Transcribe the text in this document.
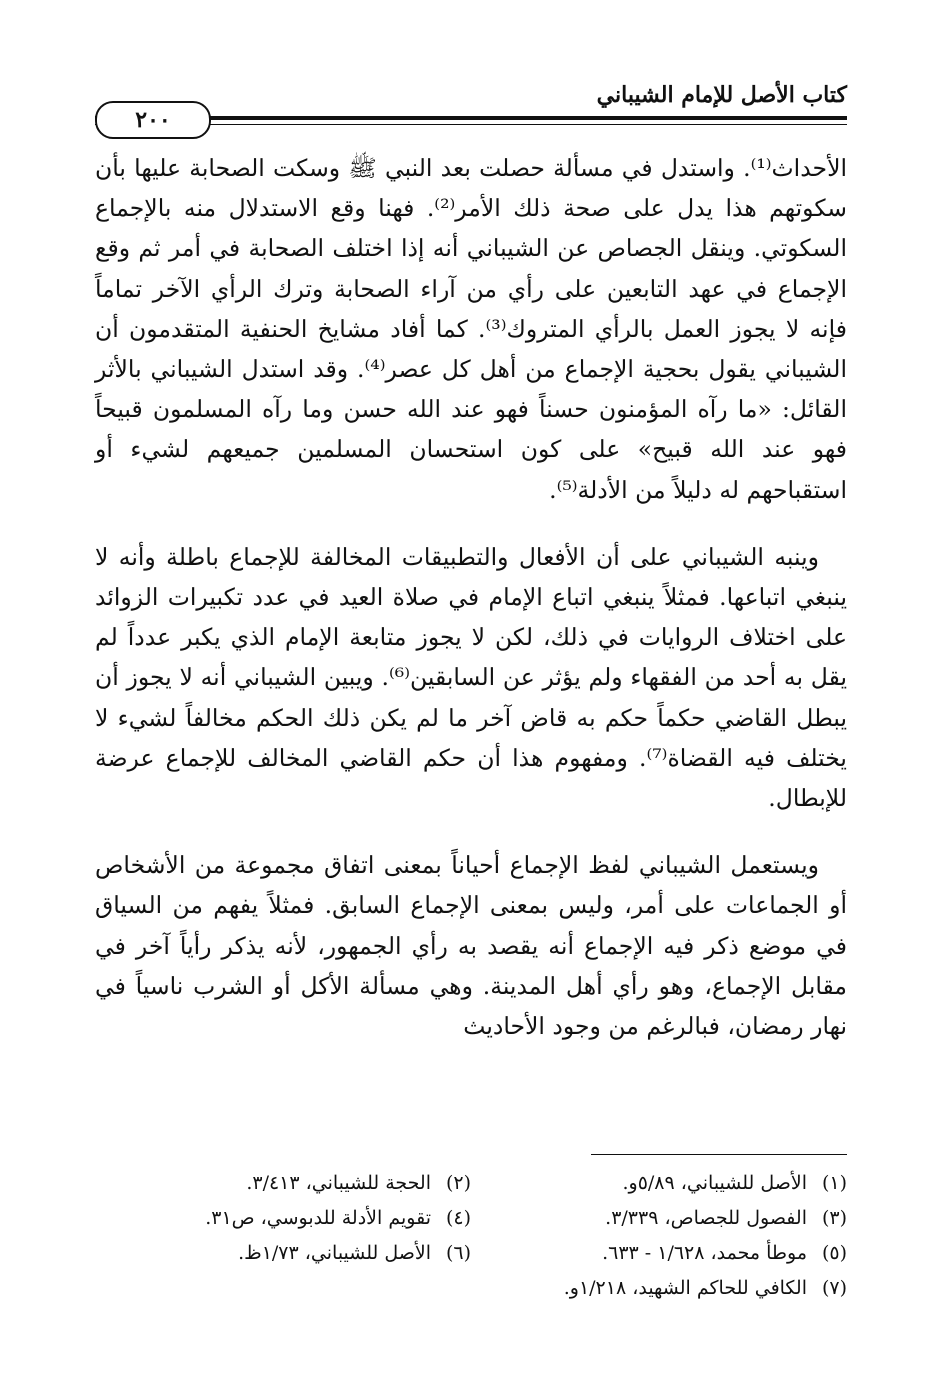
كتاب الأصل للإمام الشيباني
٢٠٠

الأحداث⁽¹⁾. واستدل في مسألة حصلت بعد النبي ﷺ وسكت الصحابة عليها بأن سكوتهم هذا يدل على صحة ذلك الأمر⁽²⁾. فهنا وقع الاستدلال منه بالإجماع السكوتي. وينقل الجصاص عن الشيباني أنه إذا اختلف الصحابة في أمر ثم وقع الإجماع في عهد التابعين على رأي من آراء الصحابة وترك الرأي الآخر تماماً فإنه لا يجوز العمل بالرأي المتروك⁽³⁾. كما أفاد مشايخ الحنفية المتقدمون أن الشيباني يقول بحجية الإجماع من أهل كل عصر⁽⁴⁾. وقد استدل الشيباني بالأثر القائل: «ما رآه المؤمنون حسناً فهو عند الله حسن وما رآه المسلمون قبيحاً فهو عند الله قبيح» على كون استحسان المسلمين جميعهم لشيء أو استقباحهم له دليلاً من الأدلة⁽⁵⁾.

وينبه الشيباني على أن الأفعال والتطبيقات المخالفة للإجماع باطلة وأنه لا ينبغي اتباعها. فمثلاً ينبغي اتباع الإمام في صلاة العيد في عدد تكبيرات الزوائد على اختلاف الروايات في ذلك، لكن لا يجوز متابعة الإمام الذي يكبر عدداً لم يقل به أحد من الفقهاء ولم يؤثر عن السابقين⁽⁶⁾. ويبين الشيباني أنه لا يجوز أن يبطل القاضي حكماً حكم به قاض آخر ما لم يكن ذلك الحكم مخالفاً لشيء لا يختلف فيه القضاة⁽⁷⁾. ومفهوم هذا أن حكم القاضي المخالف للإجماع عرضة للإبطال.

ويستعمل الشيباني لفظ الإجماع أحياناً بمعنى اتفاق مجموعة من الأشخاص أو الجماعات على أمر، وليس بمعنى الإجماع السابق. فمثلاً يفهم من السياق في موضع ذكر فيه الإجماع أنه يقصد به رأي الجمهور، لأنه يذكر رأياً آخر في مقابل الإجماع، وهو رأي أهل المدينة. وهي مسألة الأكل أو الشرب ناسياً في نهار رمضان، فبالرغم من وجود الأحاديث

(١)الأصل للشيباني، ٥/٨٩و.
(٢)الحجة للشيباني، ٣/٤١٣.
(٣)الفصول للجصاص، ٣/٣٣٩.
(٤)تقويم الأدلة للدبوسي، ص٣١.
(٥)موطأ محمد، ١/٦٢٨ - ٦٣٣.
(٦)الأصل للشيباني، ١/٧٣ظ.
(٧)الكافي للحاكم الشهيد، ١/٢١٨و.
